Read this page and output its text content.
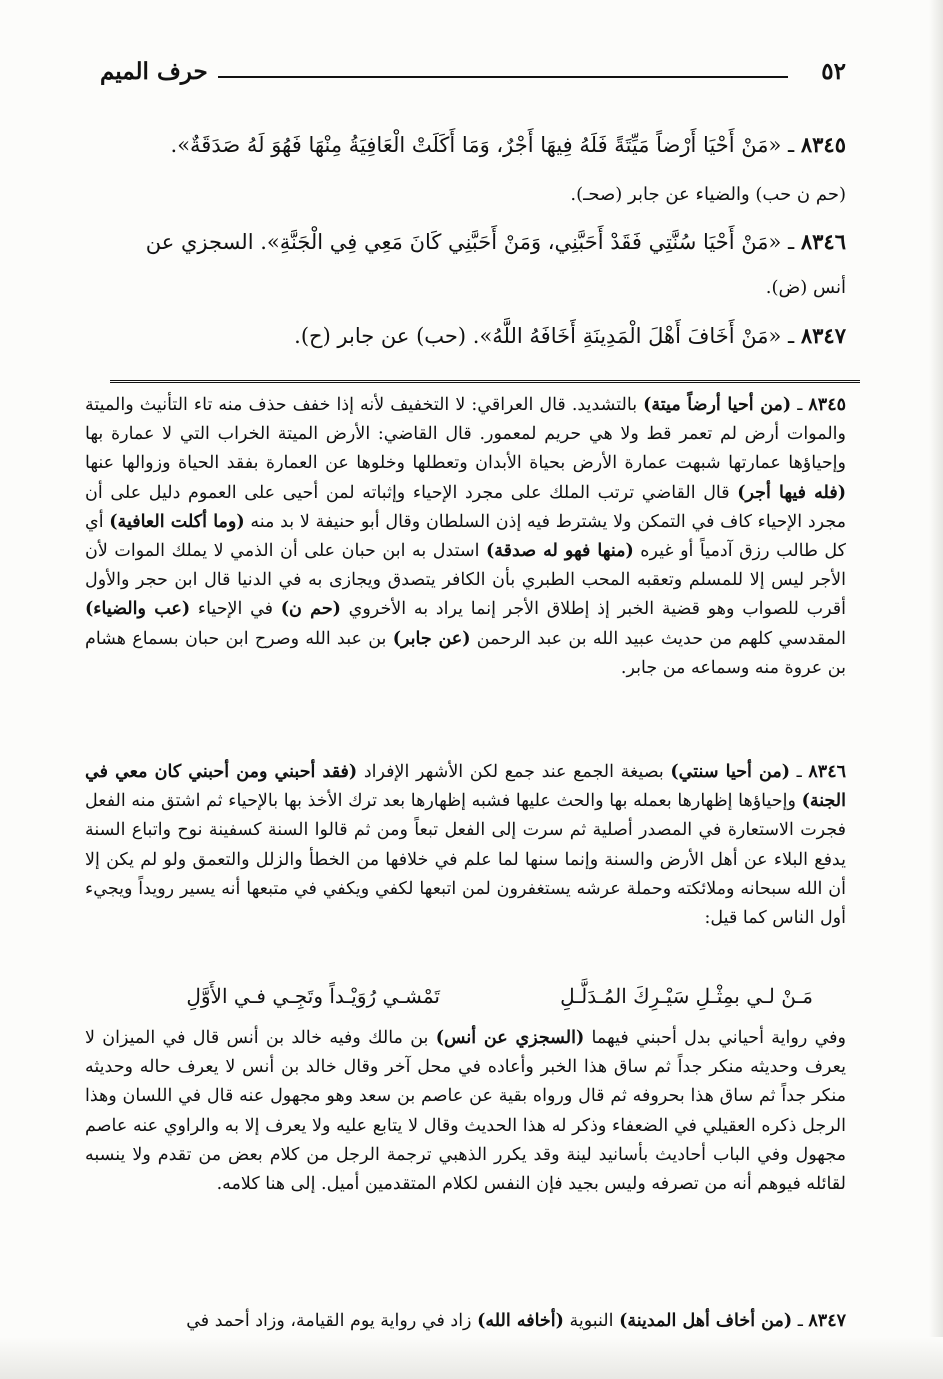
٥٢
حرف الميم
٨٣٤٥ ـ «مَنْ أَحْيَا أَرْضاً مَيِّتَةً فَلَهُ فِيهَا أَجْرٌ، وَمَا أَكَلَتْ الْعَافِيَةُ مِنْهَا فَهُوَ لَهُ صَدَقَةٌ».
(حم ن حب) والضياء عن جابر (صحـ).
٨٣٤٦ ـ «مَنْ أَحْيَا سُنَّتِي فَقَدْ أَحَبَّنِي، وَمَنْ أَحَبَّنِي كَانَ مَعِي فِي الْجَنَّةِ». السجزي عن
أنس (ض).
٨٣٤٧ ـ «مَنْ أَخَافَ أَهْلَ الْمَدِينَةِ أَخَافَهُ اللَّهُ». (حب) عن جابر (ح).

٨٣٤٥ ـ (من أحيا أرضاً ميتة) بالتشديد. قال العراقي: لا التخفيف لأنه إذا خفف حذف منه تاء التأنيث والميتة والموات أرض لم تعمر قط ولا هي حريم لمعمور. قال القاضي: الأرض الميتة الخراب التي لا عمارة بها وإحياؤها عمارتها شبهت عمارة الأرض بحياة الأبدان وتعطلها وخلوها عن العمارة بفقد الحياة وزوالها عنها (فله فيها أجر) قال القاضي ترتب الملك على مجرد الإحياء وإثباته لمن أحيى على العموم دليل على أن مجرد الإحياء كاف في التمكن ولا يشترط فيه إذن السلطان وقال أبو حنيفة لا بد منه (وما أكلت العافية) أي كل طالب رزق آدمياً أو غيره (منها فهو له صدقة) استدل به ابن حبان على أن الذمي لا يملك الموات لأن الأجر ليس إلا للمسلم وتعقبه المحب الطبري بأن الكافر يتصدق ويجازى به في الدنيا قال ابن حجر والأول أقرب للصواب وهو قضية الخبر إذ إطلاق الأجر إنما يراد به الأخروي (حم ن) في الإحياء (عب والضياء) المقدسي كلهم من حديث عبيد الله بن عبد الرحمن (عن جابر) بن عبد الله وصرح ابن حبان بسماع هشام بن عروة منه وسماعه من جابر.

٨٣٤٦ ـ (من أحيا سنتي) بصيغة الجمع عند جمع لكن الأشهر الإفراد (فقد أحبني ومن أحبني كان معي في الجنة) وإحياؤها إظهارها بعمله بها والحث عليها فشبه إظهارها بعد ترك الأخذ بها بالإحياء ثم اشتق منه الفعل فجرت الاستعارة في المصدر أصلية ثم سرت إلى الفعل تبعاً ومن ثم قالوا السنة كسفينة نوح واتباع السنة يدفع البلاء عن أهل الأرض والسنة وإنما سنها لما علم في خلافها من الخطأ والزلل والتعمق ولو لم يكن إلا أن الله سبحانه وملائكته وحملة عرشه يستغفرون لمن اتبعها لكفي ويكفي في متبعها أنه يسير رويداً ويجيء أول الناس كما قيل:

مَـنْ لـي بمِثْـلِ سَيْـرِكَ المُـدَلَّـلِ
تَمْشـي رُوَيْـداً وتَجِـي فـي الأَوَّلِ

وفي رواية أحياني بدل أحبني فيهما (السجزي عن أنس) بن مالك وفيه خالد بن أنس قال في الميزان لا يعرف وحديثه منكر جداً ثم ساق هذا الخبر وأعاده في محل آخر وقال خالد بن أنس لا يعرف حاله وحديثه منكر جداً ثم ساق هذا بحروفه ثم قال ورواه بقية عن عاصم بن سعد وهو مجهول عنه قال في اللسان وهذا الرجل ذكره العقيلي في الضعفاء وذكر له هذا الحديث وقال لا يتابع عليه ولا يعرف إلا به والراوي عنه عاصم مجهول وفي الباب أحاديث بأسانيد لينة وقد يكرر الذهبي ترجمة الرجل من كلام بعض من تقدم ولا ينسبه لقائله فيوهم أنه من تصرفه وليس بجيد فإن النفس لكلام المتقدمين أميل. إلى هنا كلامه.

٨٣٤٧ ـ (من أخاف أهل المدينة) النبوية (أخافه الله) زاد في رواية يوم القيامة، وزاد أحمد في
